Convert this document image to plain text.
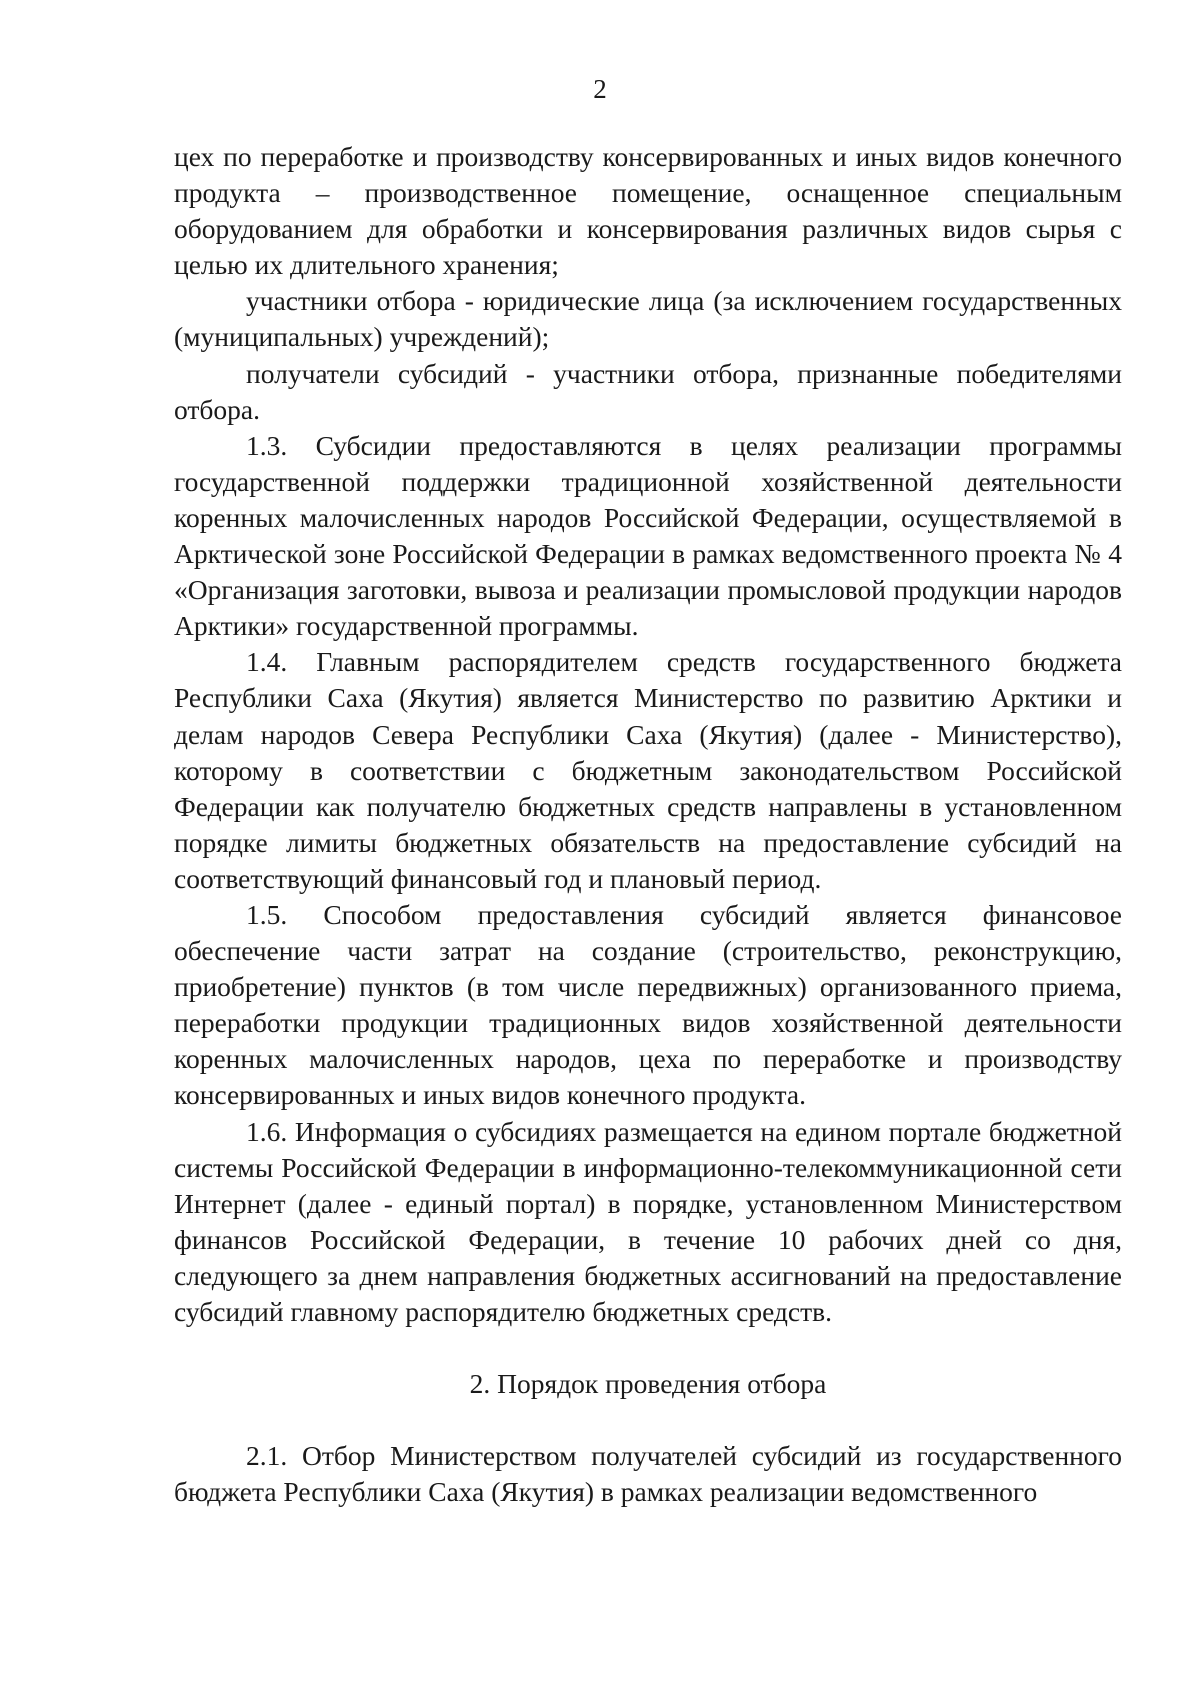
2

цех по переработке и производству консервированных и иных видов конечного продукта – производственное помещение, оснащенное специальным оборудованием для обработки и консервирования различных видов сырья с целью их длительного хранения;

участники отбора - юридические лица (за исключением государственных (муниципальных) учреждений);

получатели субсидий - участники отбора, признанные победителями отбора.

1.3. Субсидии предоставляются в целях реализации программы государственной поддержки традиционной хозяйственной деятельности коренных малочисленных народов Российской Федерации, осуществляемой в Арктической зоне Российской Федерации в рамках ведомственного проекта № 4 «Организация заготовки, вывоза и реализации промысловой продукции народов Арктики» государственной программы.

1.4. Главным распорядителем средств государственного бюджета Республики Саха (Якутия) является Министерство по развитию Арктики и делам народов Севера Республики Саха (Якутия) (далее - Министерство), которому в соответствии с бюджетным законодательством Российской Федерации как получателю бюджетных средств направлены в установленном порядке лимиты бюджетных обязательств на предоставление субсидий на соответствующий финансовый год и плановый период.

1.5. Способом предоставления субсидий является финансовое обеспечение части затрат на создание (строительство, реконструкцию, приобретение) пунктов (в том числе передвижных) организованного приема, переработки продукции традиционных видов хозяйственной деятельности коренных малочисленных народов, цеха по переработке и производству консервированных и иных видов конечного продукта.

1.6. Информация о субсидиях размещается на едином портале бюджетной системы Российской Федерации в информационно-телекоммуникационной сети Интернет (далее - единый портал) в порядке, установленном Министерством финансов Российской Федерации, в течение 10 рабочих дней со дня, следующего за днем направления бюджетных ассигнований на предоставление субсидий главному распорядителю бюджетных средств.

2. Порядок проведения отбора

2.1. Отбор Министерством получателей субсидий из государственного бюджета Республики Саха (Якутия) в рамках реализации ведомственного
